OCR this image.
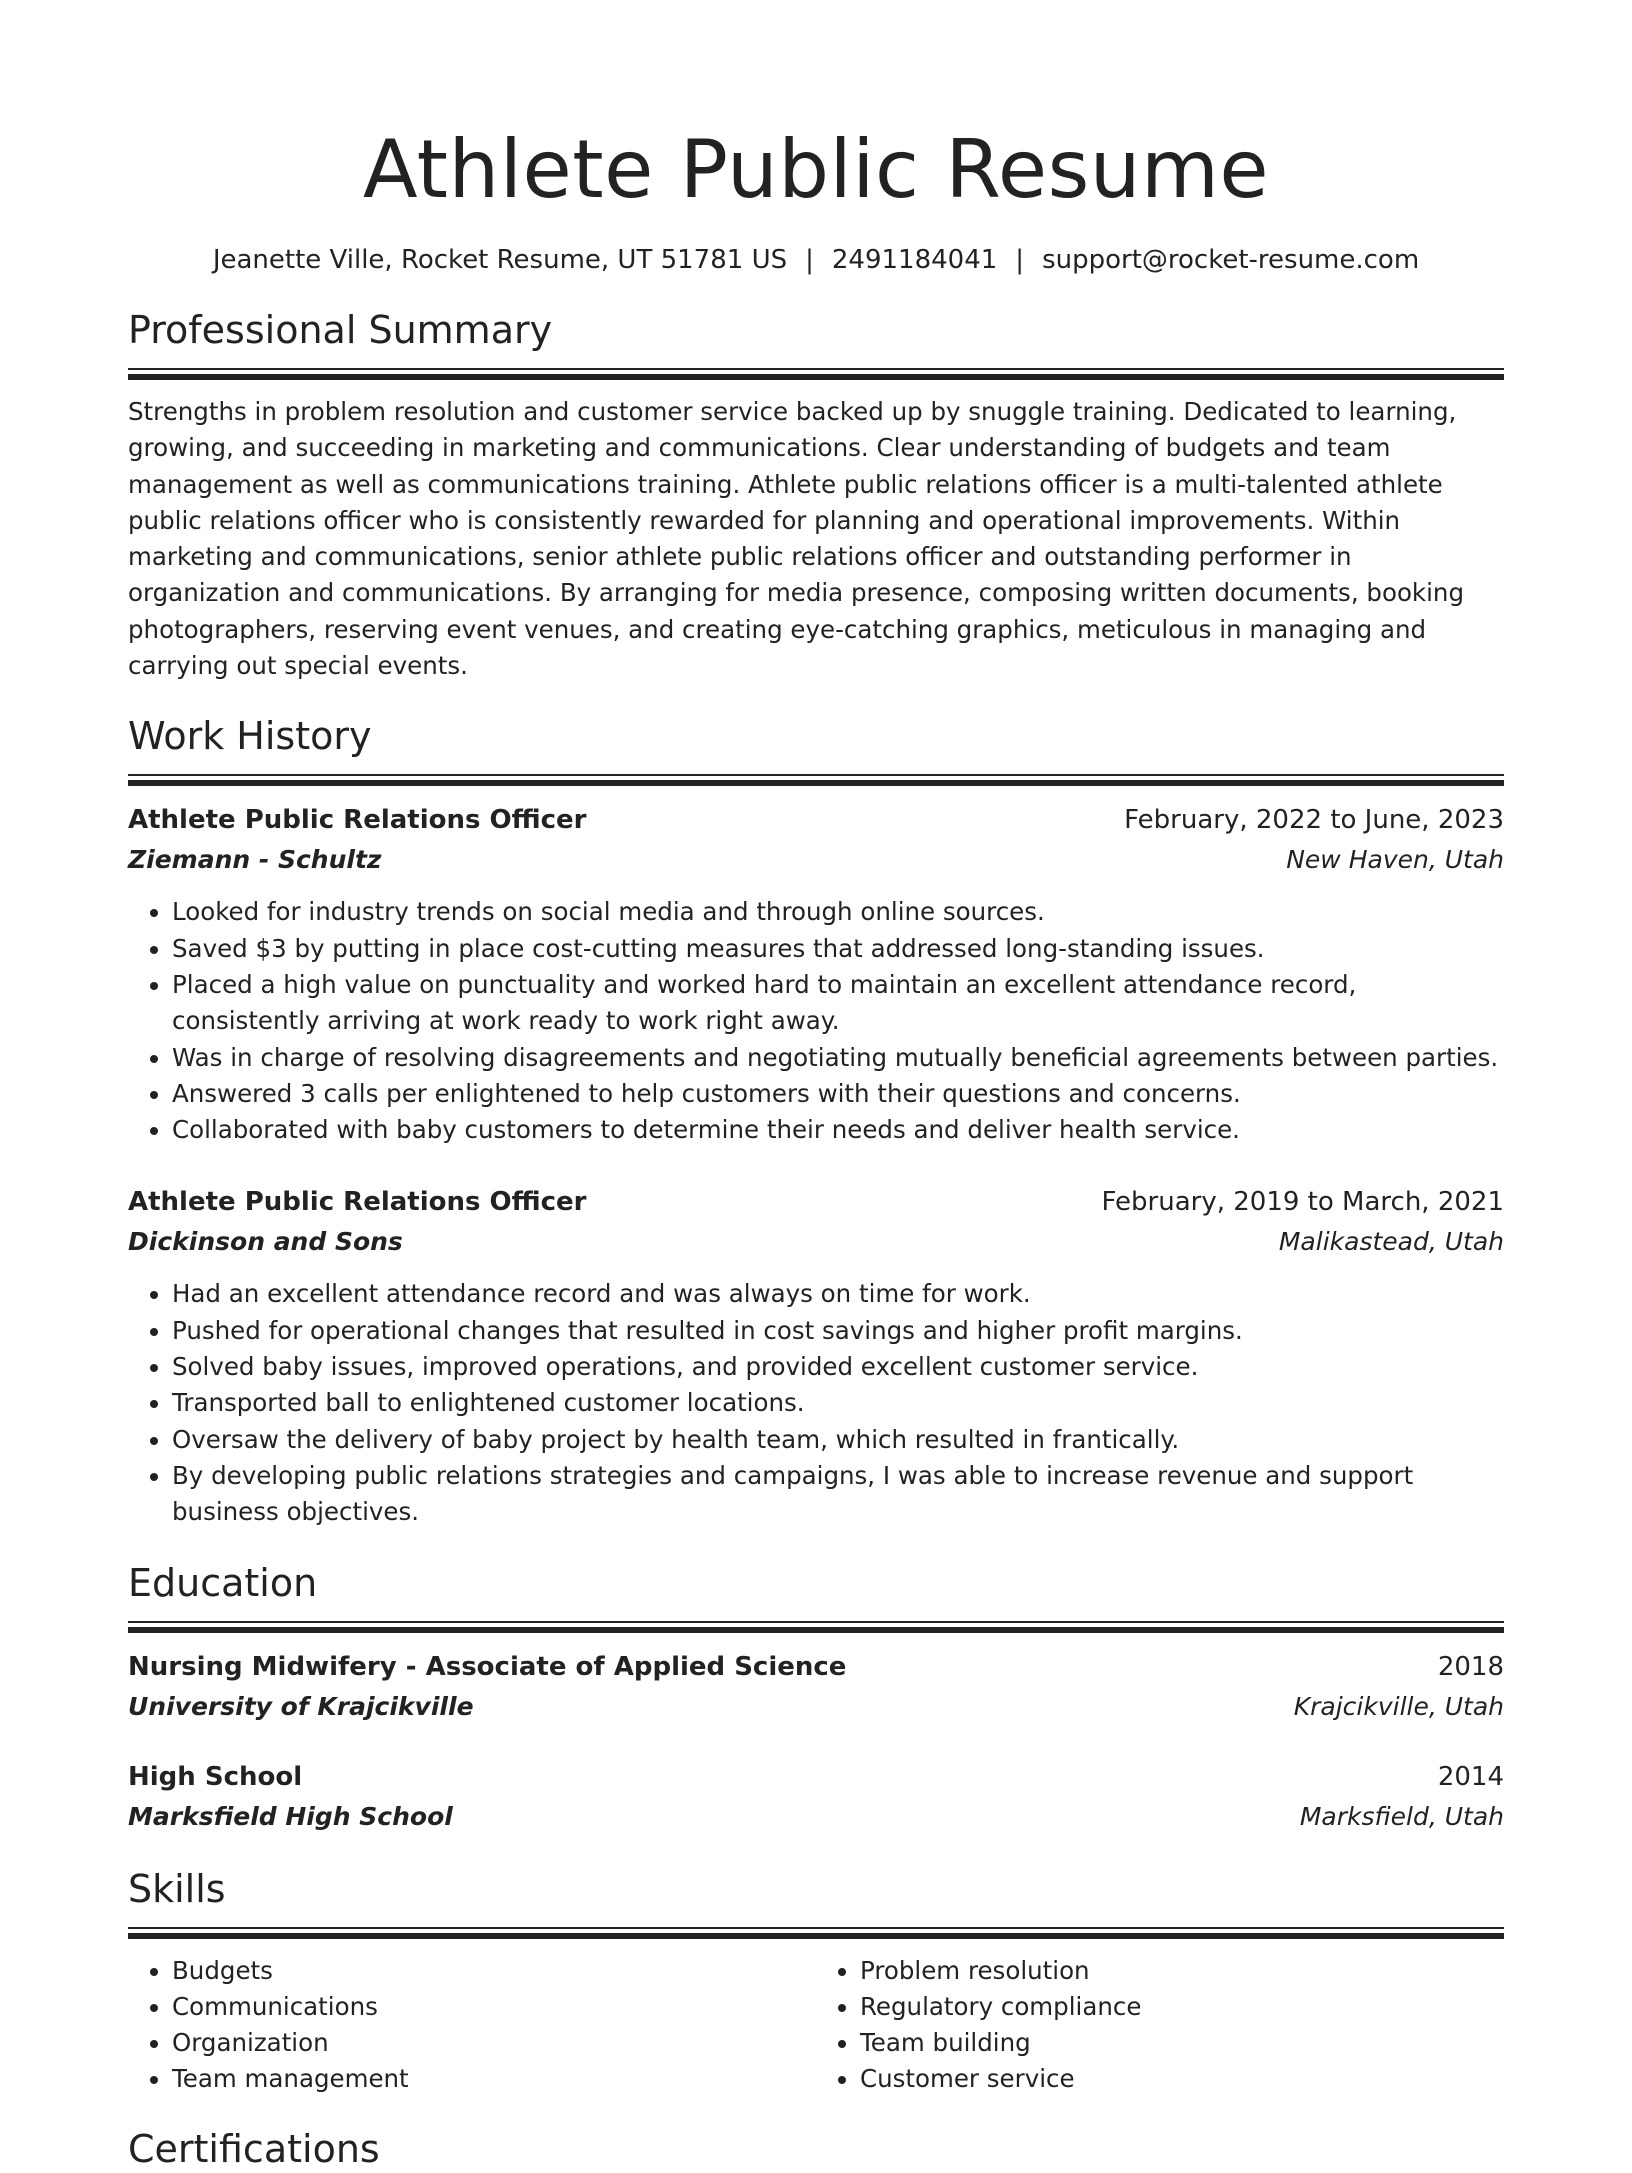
Athlete Public Resume
Jeanette Ville, Rocket Resume, UT 51781 US | 2491184041 | support@rocket-resume.com
Professional Summary
Strengths in problem resolution and customer service backed up by snuggle training. Dedicated to learning, growing, and succeeding in marketing and communications. Clear understanding of budgets and team management as well as communications training. Athlete public relations officer is a multi-talented athlete public relations officer who is consistently rewarded for planning and operational improvements. Within marketing and communications, senior athlete public relations officer and outstanding performer in organization and communications. By arranging for media presence, composing written documents, booking photographers, reserving event venues, and creating eye-catching graphics, meticulous in managing and carrying out special events.
Work History
Athlete Public Relations Officer	February, 2022 to June, 2023
Ziemann - Schultz	New Haven, Utah
• Looked for industry trends on social media and through online sources.
• Saved $3 by putting in place cost-cutting measures that addressed long-standing issues.
• Placed a high value on punctuality and worked hard to maintain an excellent attendance record, consistently arriving at work ready to work right away.
• Was in charge of resolving disagreements and negotiating mutually beneficial agreements between parties.
• Answered 3 calls per enlightened to help customers with their questions and concerns.
• Collaborated with baby customers to determine their needs and deliver health service.
Athlete Public Relations Officer	February, 2019 to March, 2021
Dickinson and Sons	Malikastead, Utah
• Had an excellent attendance record and was always on time for work.
• Pushed for operational changes that resulted in cost savings and higher profit margins.
• Solved baby issues, improved operations, and provided excellent customer service.
• Transported ball to enlightened customer locations.
• Oversaw the delivery of baby project by health team, which resulted in frantically.
• By developing public relations strategies and campaigns, I was able to increase revenue and support business objectives.
Education
Nursing Midwifery - Associate of Applied Science	2018
University of Krajcikville	Krajcikville, Utah
High School	2014
Marksfield High School	Marksfield, Utah
Skills
• Budgets
• Communications
• Organization
• Team management
• Problem resolution
• Regulatory compliance
• Team building
• Customer service
Certifications
